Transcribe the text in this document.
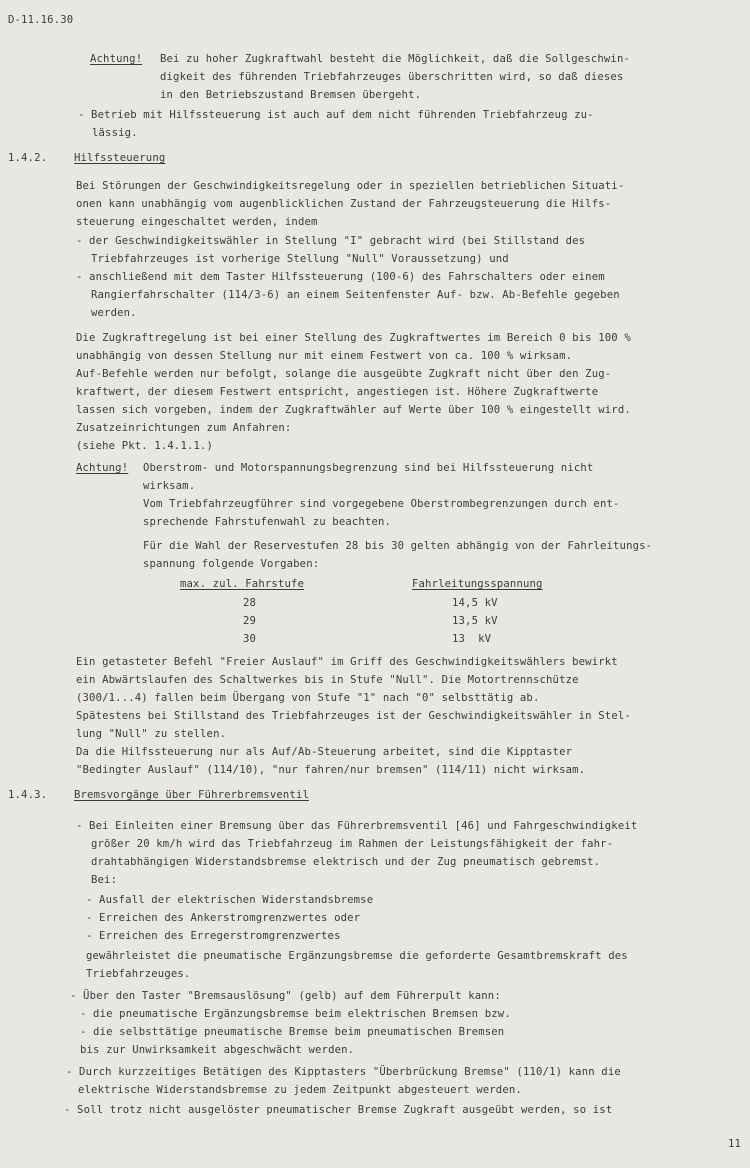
D-11.16.30
Achtung! Bei zu hoher Zugkraftwahl besteht die Möglichkeit, daß die Sollgeschwin-
digkeit des führenden Triebfahrzeuges überschritten wird, so daß dieses
in den Betriebszustand Bremsen übergeht.
- Betrieb mit Hilfssteuerung ist auch auf dem nicht führenden Triebfahrzeug zu-
lässig.
1.4.2.	Hilfssteuerung
Bei Störungen der Geschwindigkeitsregelung oder in speziellen betrieblichen Situati-
onen kann unabhängig vom augenblicklichen Zustand der Fahrzeugsteuerung die Hilfs-
steuerung eingeschaltet werden, indem
- der Geschwindigkeitswähler in Stellung "I" gebracht wird (bei Stillstand des
Triebfahrzeuges ist vorherige Stellung "Null" Voraussetzung) und
- anschließend mit dem Taster Hilfssteuerung (100-6) des Fahrschalters oder einem
Rangierfahrschalter (114/3-6) an einem Seitenfenster Auf- bzw. Ab-Befehle gegeben
werden.
Die Zugkraftregelung ist bei einer Stellung des Zugkraftwertes im Bereich 0 bis 100 %
unabhängig von dessen Stellung nur mit einem Festwert von ca. 100 % wirksam.
Auf-Befehle werden nur befolgt, solange die ausgeübte Zugkraft nicht über den Zug-
kraftwert, der diesem Festwert entspricht, angestiegen ist. Höhere Zugkraftwerte
lassen sich vorgeben, indem der Zugkraftwähler auf Werte über 100 % eingestellt wird.
Zusatzeinrichtungen zum Anfahren:
(siehe Pkt. 1.4.1.1.)
Achtung! Oberstrom- und Motorspannungsbegrenzung sind bei Hilfssteuerung nicht
wirksam.
Vom Triebfahrzeugführer sind vorgegebene Oberstrombegrenzungen durch ent-
sprechende Fahrstufenwahl zu beachten.
Für die Wahl der Reservestufen 28 bis 30 gelten abhängig von der Fahrleitungs-
spannung folgende Vorgaben:
max. zul. Fahrstufe	Fahrleitungsspannung
28	14,5 kV
29	13,5 kV
30	13  kV
Ein getasteter Befehl "Freier Auslauf" im Griff des Geschwindigkeitswählers bewirkt
ein Abwärtslaufen des Schaltwerkes bis in Stufe "Null". Die Motortrennschütze
(300/1...4) fallen beim Übergang von Stufe "1" nach "0" selbsttätig ab.
Spätestens bei Stillstand des Triebfahrzeuges ist der Geschwindigkeitswähler in Stel-
lung "Null" zu stellen.
Da die Hilfssteuerung nur als Auf/Ab-Steuerung arbeitet, sind die Kipptaster
"Bedingter Auslauf" (114/10), "nur fahren/nur bremsen" (114/11) nicht wirksam.
1.4.3.	Bremsvorgänge über Führerbremsventil
- Bei Einleiten einer Bremsung über das Führerbremsventil [46] und Fahrgeschwindigkeit
größer 20 km/h wird das Triebfahrzeug im Rahmen der Leistungsfähigkeit der fahr-
drahtabhängigen Widerstandsbremse elektrisch und der Zug pneumatisch gebremst.
Bei:
- Ausfall der elektrischen Widerstandsbremse
- Erreichen des Ankerstromgrenzwertes oder
- Erreichen des Erregerstromgrenzwertes
gewährleistet die pneumatische Ergänzungsbremse die geforderte Gesamtbremskraft des
Triebfahrzeuges.
- Über den Taster "Bremsauslösung" (gelb) auf dem Führerpult kann:
- die pneumatische Ergänzungsbremse beim elektrischen Bremsen bzw.
- die selbsttätige pneumatische Bremse beim pneumatischen Bremsen
bis zur Unwirksamkeit abgeschwächt werden.
- Durch kurzzeitiges Betätigen des Kipptasters "Überbrückung Bremse" (110/1) kann die
elektrische Widerstandsbremse zu jedem Zeitpunkt abgesteuert werden.
- Soll trotz nicht ausgelöster pneumatischer Bremse Zugkraft ausgeübt werden, so ist
11
